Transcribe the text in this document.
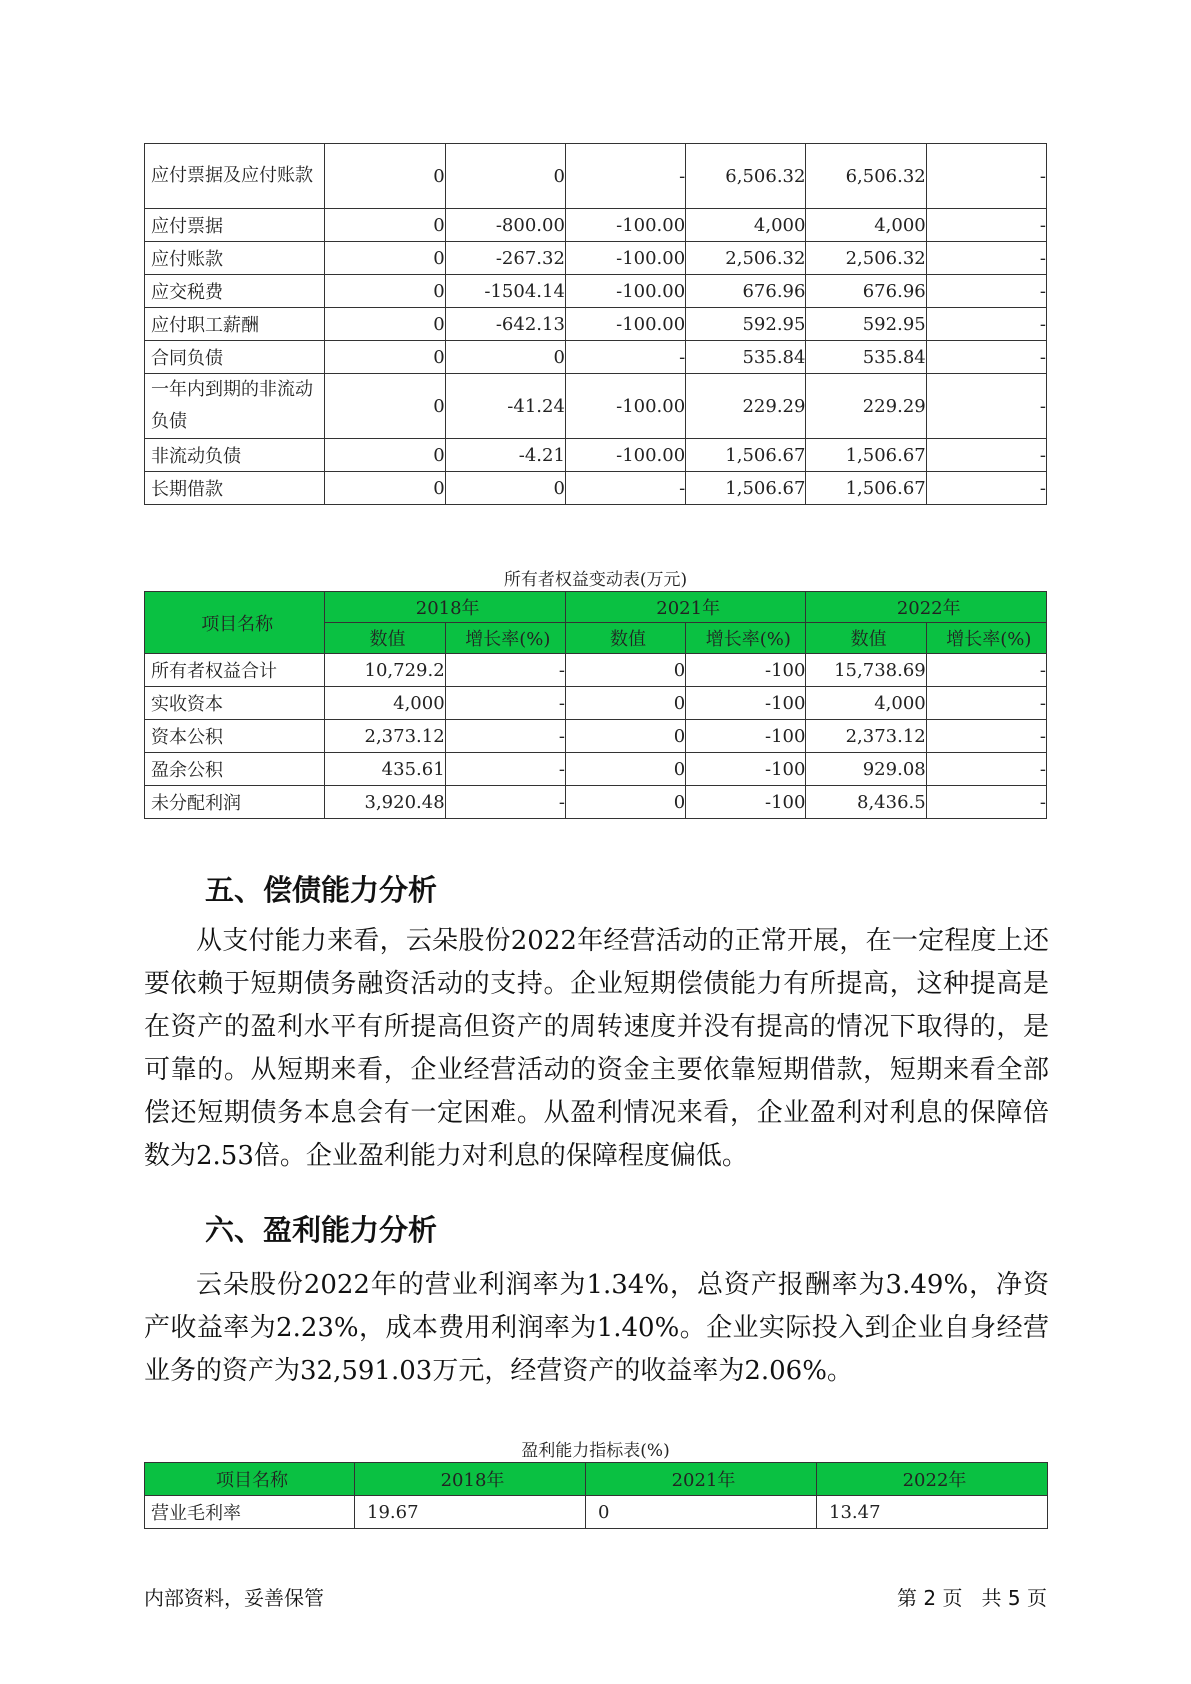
应付票据及应付账款	0	0	-	6,506.32	6,506.32	-
应付票据	0	-800.00	-100.00	4,000	4,000	-
应付账款	0	-267.32	-100.00	2,506.32	2,506.32	-
应交税费	0	-1504.14	-100.00	676.96	676.96	-
应付职工薪酬	0	-642.13	-100.00	592.95	592.95	-
合同负债	0	0	-	535.84	535.84	-
一年内到期的非流动负债	0	-41.24	-100.00	229.29	229.29	-
非流动负债	0	-4.21	-100.00	1,506.67	1,506.67	-
长期借款	0	0	-	1,506.67	1,506.67	-
所有者权益变动表(万元)
项目名称	2018年		2021年		2022年	
	数值	增长率(%)	数值	增长率(%)	数值	增长率(%)
所有者权益合计	10,729.2	-	0	-100	15,738.69	-
实收资本	4,000	-	0	-100	4,000	-
资本公积	2,373.12	-	0	-100	2,373.12	-
盈余公积	435.61	-	0	-100	929.08	-
未分配利润	3,920.48	-	0	-100	8,436.5	-
五、偿债能力分析

从支付能力来看，云朵股份2022年经营活动的正常开展，在一定程度上还要依赖于短期债务融资活动的支持。企业短期偿债能力有所提高，这种提高是在资产的盈利水平有所提高但资产的周转速度并没有提高的情况下取得的，是可靠的。从短期来看，企业经营活动的资金主要依靠短期借款，短期来看全部偿还短期债务本息会有一定困难。从盈利情况来看，企业盈利对利息的保障倍数为2.53倍。企业盈利能力对利息的保障程度偏低。

六、盈利能力分析

云朵股份2022年的营业利润率为1.34%，总资产报酬率为3.49%，净资产收益率为2.23%，成本费用利润率为1.40%。企业实际投入到企业自身经营业务的资产为32,591.03万元，经营资产的收益率为2.06%。

盈利能力指标表(%)
项目名称	2018年	2021年	2022年
营业毛利率	19.67	0	13.47
内部资料，妥善保管	第 2 页   共 5 页
